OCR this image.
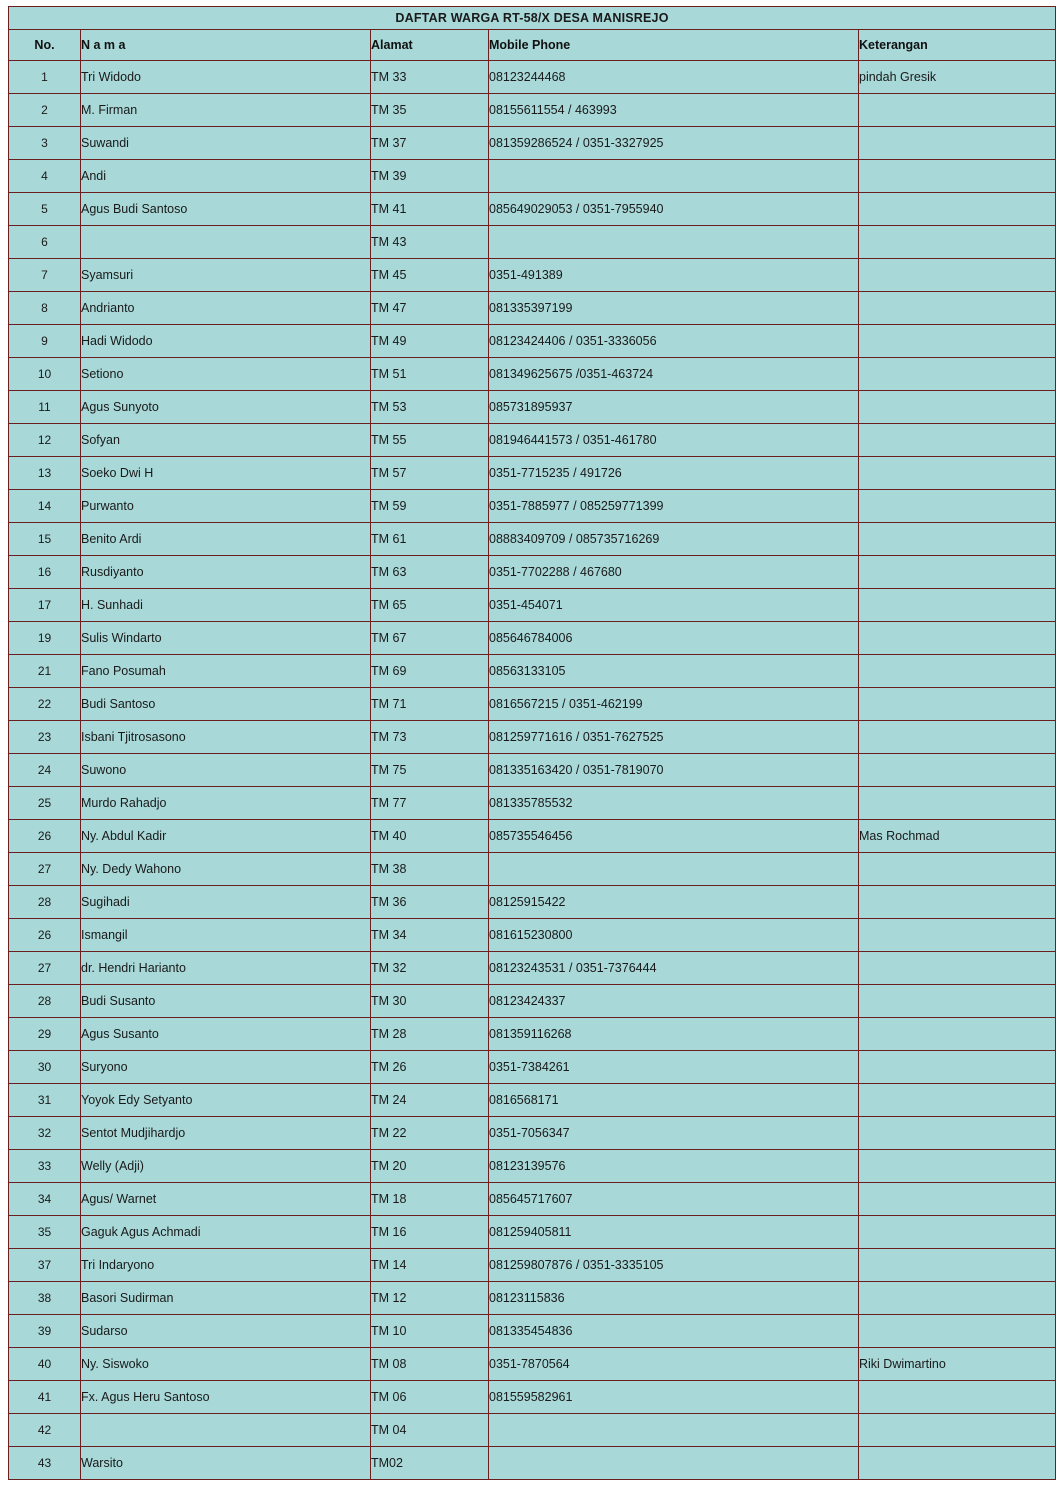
DAFTAR WARGA RT-58/X DESA MANISREJO				
No.	N a m a	Alamat	Mobile Phone	Keterangan
1	Tri Widodo	TM 33	08123244468	pindah Gresik
2	M. Firman	TM 35	08155611554 / 463993	
3	Suwandi	TM 37	081359286524 / 0351-3327925	
4	Andi	TM 39		
5	Agus Budi Santoso	TM 41	085649029053 / 0351-7955940	
6		TM 43		
7	Syamsuri	TM 45	0351-491389	
8	Andrianto	TM 47	081335397199	
9	Hadi Widodo	TM 49	08123424406 / 0351-3336056	
10	Setiono	TM 51	081349625675 /0351-463724	
11	Agus Sunyoto	TM 53	085731895937	
12	Sofyan	TM 55	081946441573 / 0351-461780	
13	Soeko Dwi H	TM 57	0351-7715235 / 491726	
14	Purwanto	TM 59	0351-7885977 / 085259771399	
15	Benito Ardi	TM 61	08883409709 / 085735716269	
16	Rusdiyanto	TM 63	0351-7702288 / 467680	
17	H. Sunhadi	TM 65	0351-454071	
19	Sulis Windarto	TM 67	085646784006	
21	Fano Posumah	TM 69	08563133105	
22	Budi Santoso	TM 71	0816567215 / 0351-462199	
23	Isbani Tjitrosasono	TM 73	081259771616 / 0351-7627525	
24	Suwono	TM 75	081335163420 / 0351-7819070	
25	Murdo Rahadjo	TM 77	081335785532	
26	Ny. Abdul Kadir	TM 40	085735546456	Mas Rochmad
27	Ny. Dedy Wahono	TM 38		
28	Sugihadi	TM 36	08125915422	
26	Ismangil	TM 34	081615230800	
27	dr. Hendri Harianto	TM 32	08123243531 / 0351-7376444	
28	Budi Susanto	TM 30	08123424337	
29	Agus Susanto	TM 28	081359116268	
30	Suryono	TM 26	0351-7384261	
31	Yoyok Edy Setyanto	TM 24	0816568171	
32	Sentot Mudjihardjo	TM 22	0351-7056347	
33	Welly (Adji)	TM 20	08123139576	
34	Agus/ Warnet	TM 18	085645717607	
35	Gaguk Agus Achmadi	TM 16	081259405811	
37	Tri Indaryono	TM 14	081259807876 / 0351-3335105	
38	Basori Sudirman	TM 12	08123115836	
39	Sudarso	TM 10	081335454836	
40	Ny. Siswoko	TM 08	0351-7870564	Riki Dwimartino
41	Fx. Agus Heru Santoso	TM 06	081559582961	
42		TM 04		
43	Warsito	TM02		
